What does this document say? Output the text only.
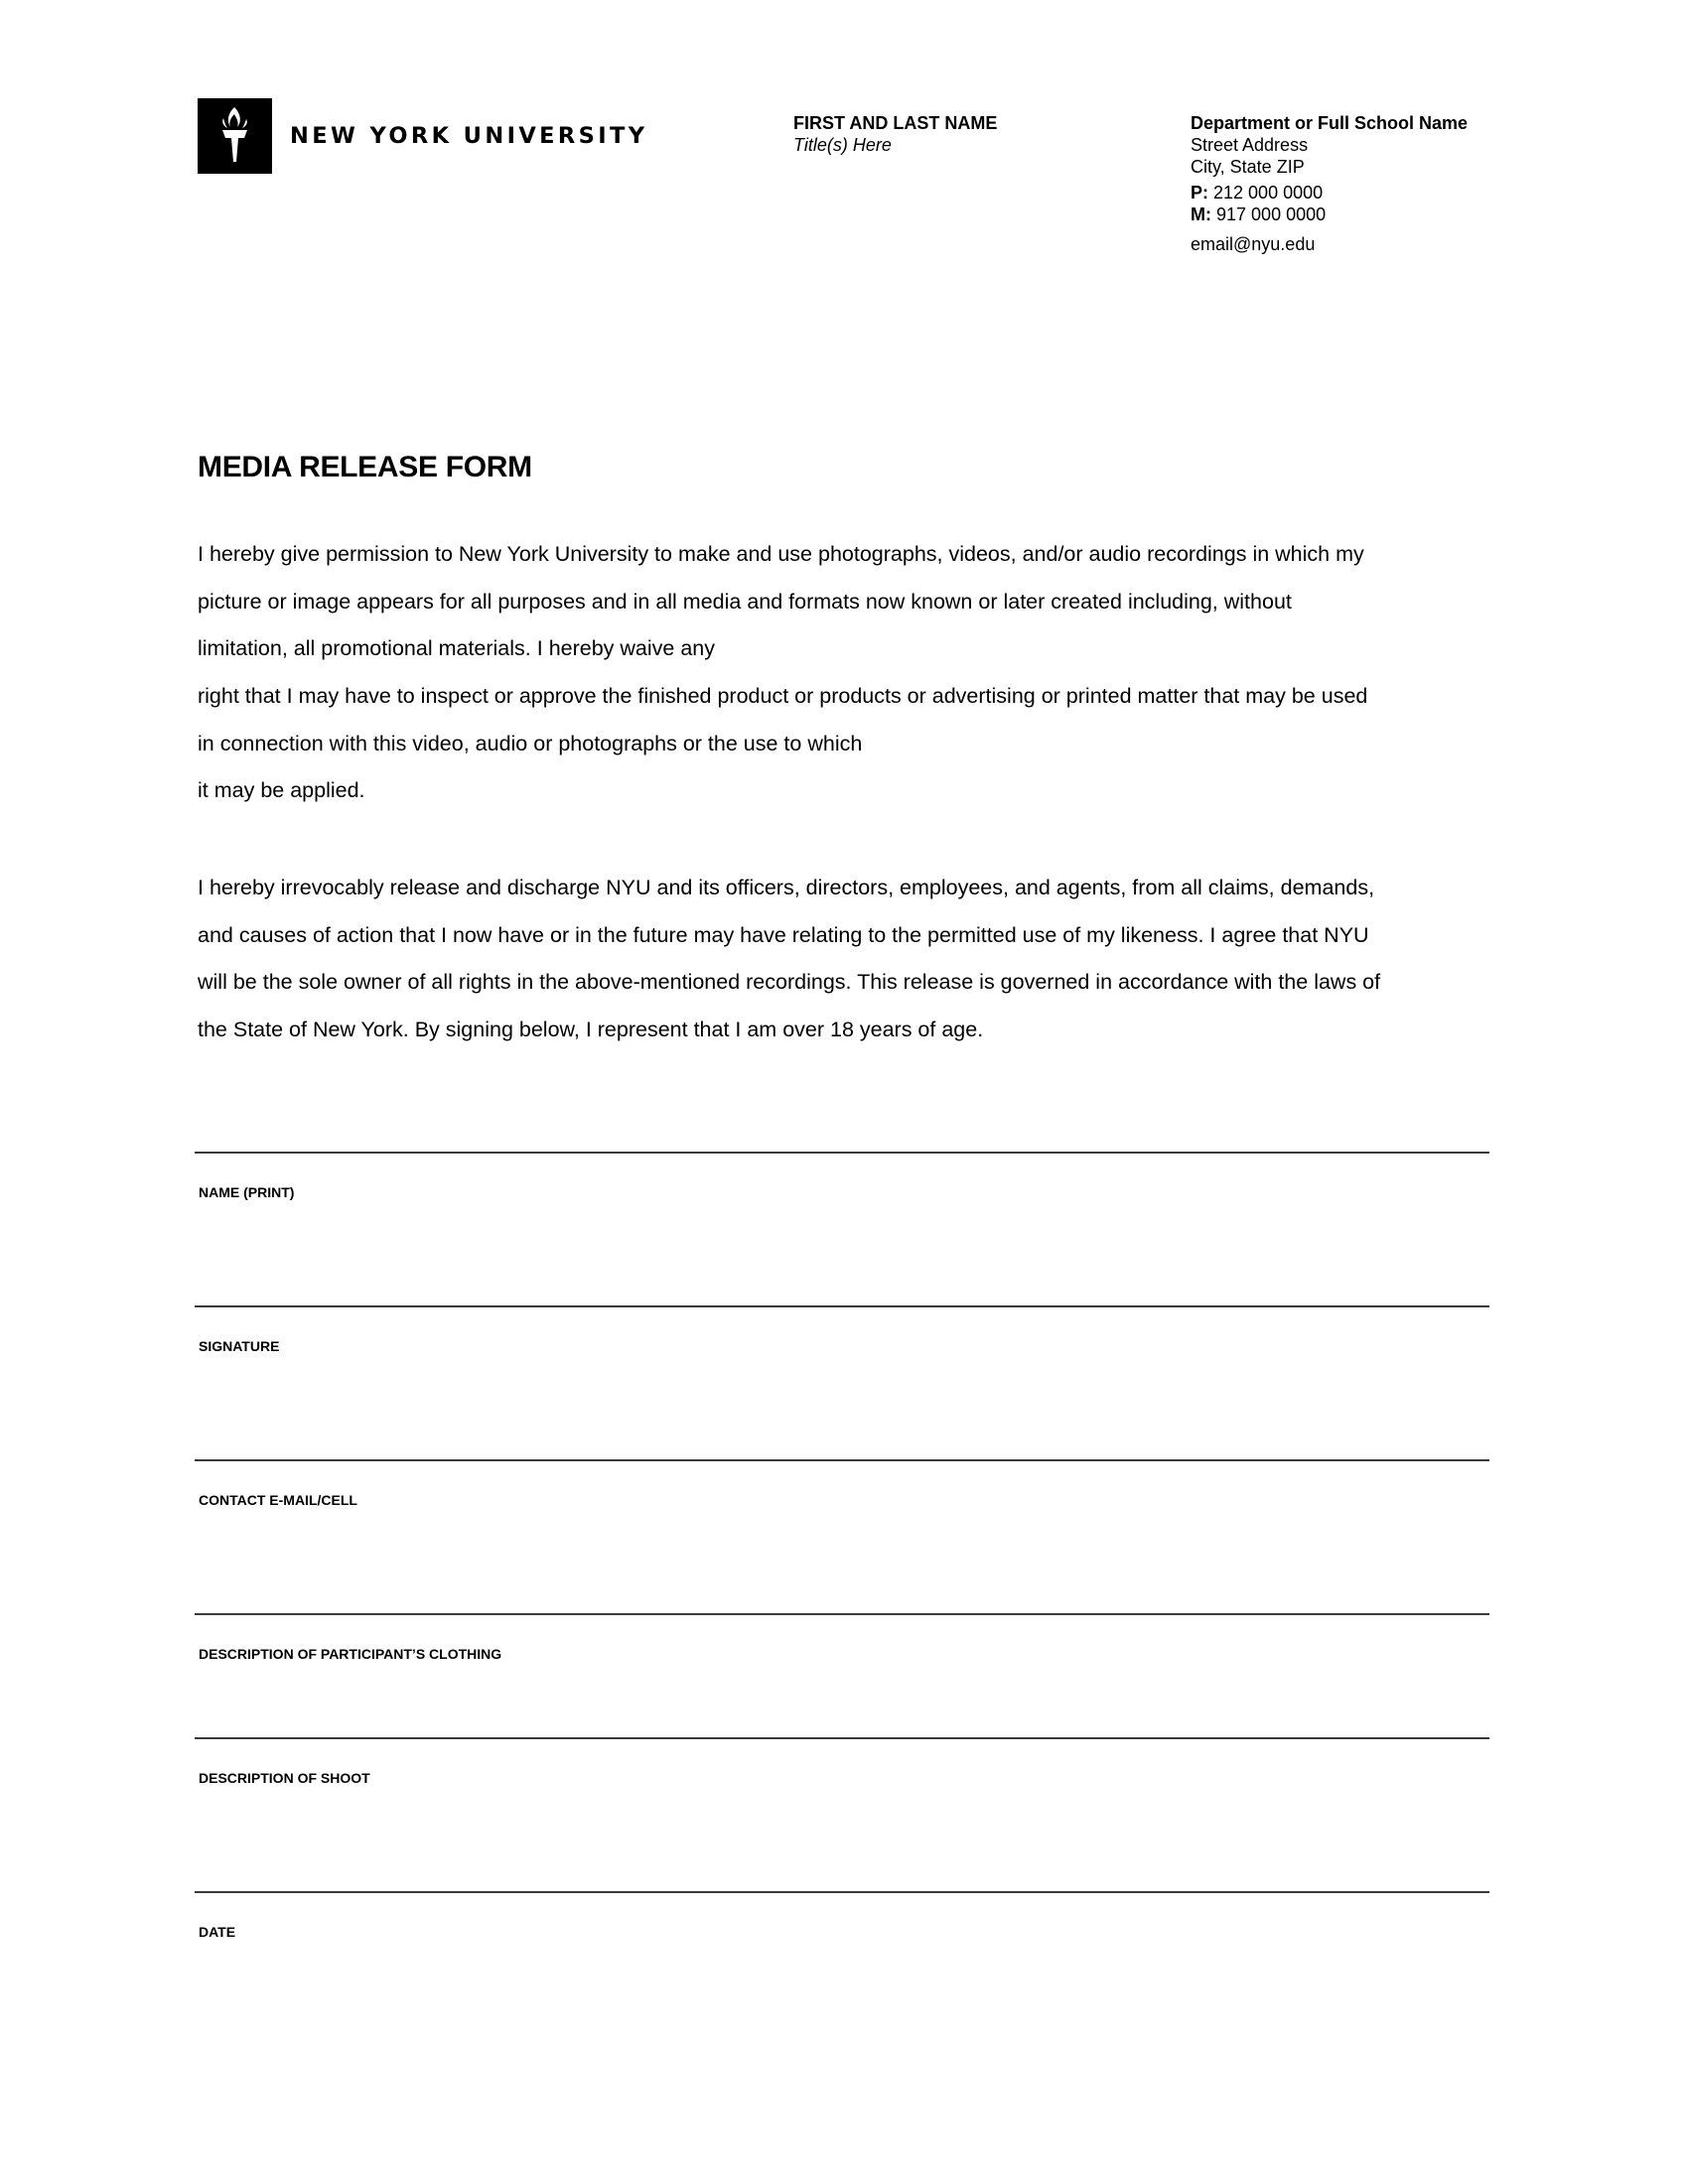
NEW YORK UNIVERSITY	FIRST AND LAST NAME
Title(s) Here
Department or Full School Name
Street Address
City, State ZIP
P: 212 000 0000
M: 917 000 0000
email@nyu.edu
MEDIA RELEASE FORM
I hereby give permission to New York University to make and use photographs, videos, and/or audio recordings in which my
picture or image appears for all purposes and in all media and formats now known or later created including, without
limitation, all promotional materials. I hereby waive any
right that I may have to inspect or approve the finished product or products or advertising or printed matter that may be used
in connection with this video, audio or photographs or the use to which
it may be applied.
I hereby irrevocably release and discharge NYU and its officers, directors, employees, and agents, from all claims, demands,
and causes of action that I now have or in the future may have relating to the permitted use of my likeness. I agree that NYU
will be the sole owner of all rights in the above-mentioned recordings. This release is governed in accordance with the laws of
the State of New York. By signing below, I represent that I am over 18 years of age.
NAME (PRINT)
SIGNATURE
CONTACT E-MAIL/CELL
DESCRIPTION OF PARTICIPANT’S CLOTHING
DESCRIPTION OF SHOOT
DATE
